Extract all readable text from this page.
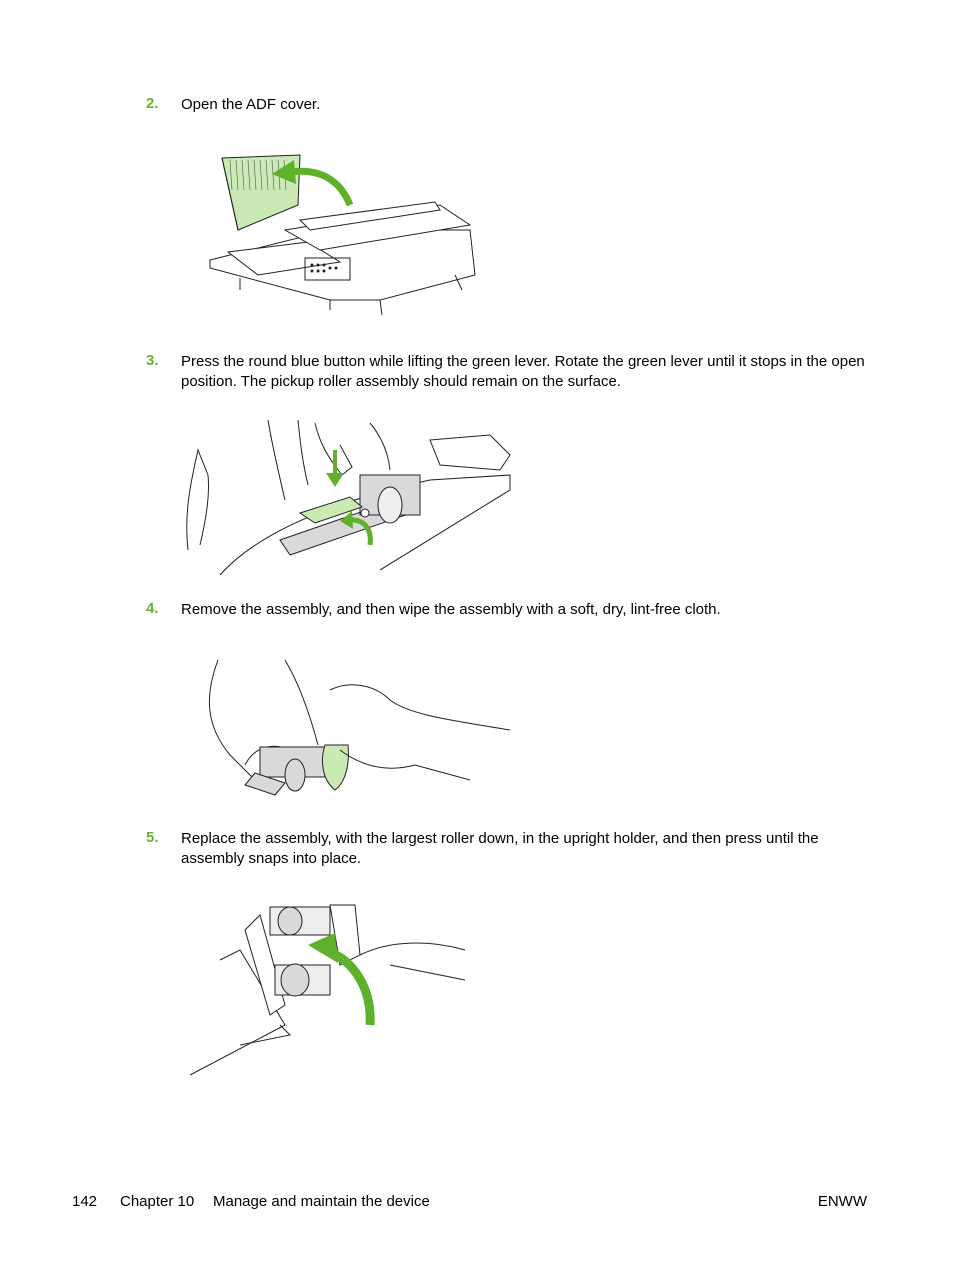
2. Open the ADF cover.
3. Press the round blue button while lifting the green lever. Rotate the green lever until it stops in the open position. The pickup roller assembly should remain on the surface.
4. Remove the assembly, and then wipe the assembly with a soft, dry, lint-free cloth.
5. Replace the assembly, with the largest roller down, in the upright holder, and then press until the assembly snaps into place.
142 Chapter 10 Manage and maintain the device	ENWW
